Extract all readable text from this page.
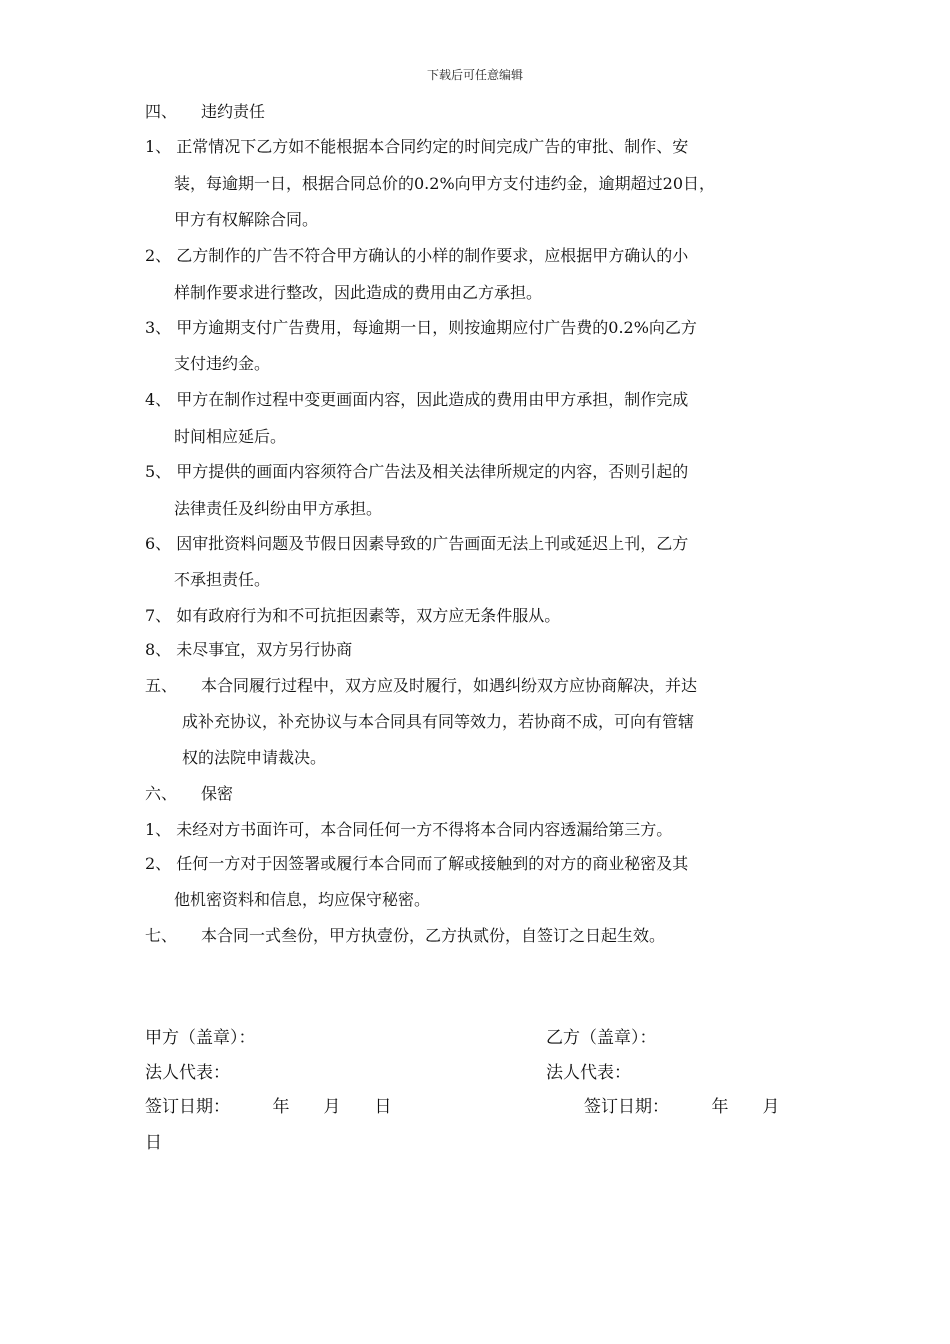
下载后可任意编辑
四、　　违约责任
1、 正常情况下乙方如不能根据本合同约定的时间完成广告的审批、制作、安
装，每逾期一日，根据合同总价的0.2%向甲方支付违约金，逾期超过20日，
甲方有权解除合同。
2、 乙方制作的广告不符合甲方确认的小样的制作要求，应根据甲方确认的小
样制作要求进行整改，因此造成的费用由乙方承担。
3、 甲方逾期支付广告费用，每逾期一日，则按逾期应付广告费的0.2%向乙方
支付违约金。
4、 甲方在制作过程中变更画面内容，因此造成的费用由甲方承担，制作完成
时间相应延后。
5、 甲方提供的画面内容须符合广告法及相关法律所规定的内容，否则引起的
法律责任及纠纷由甲方承担。
6、 因审批资料问题及节假日因素导致的广告画面无法上刊或延迟上刊，乙方
不承担责任。
7、 如有政府行为和不可抗拒因素等，双方应无条件服从。
8、 未尽事宜，双方另行协商
五、　　本合同履行过程中，双方应及时履行，如遇纠纷双方应协商解决，并达
成补充协议，补充协议与本合同具有同等效力，若协商不成，可向有管辖
权的法院申请裁决。
六、　　保密
1、 未经对方书面许可，本合同任何一方不得将本合同内容透漏给第三方。
2、 任何一方对于因签署或履行本合同而了解或接触到的对方的商业秘密及其
他机密资料和信息，均应保守秘密。
七、　　本合同一式叁份，甲方执壹份，乙方执贰份，自签订之日起生效。
甲方（盖章）：	乙方（盖章）：
法人代表：	法人代表：
签订日期：　　　年　　月　　日	签订日期：　　　年　　月
日
